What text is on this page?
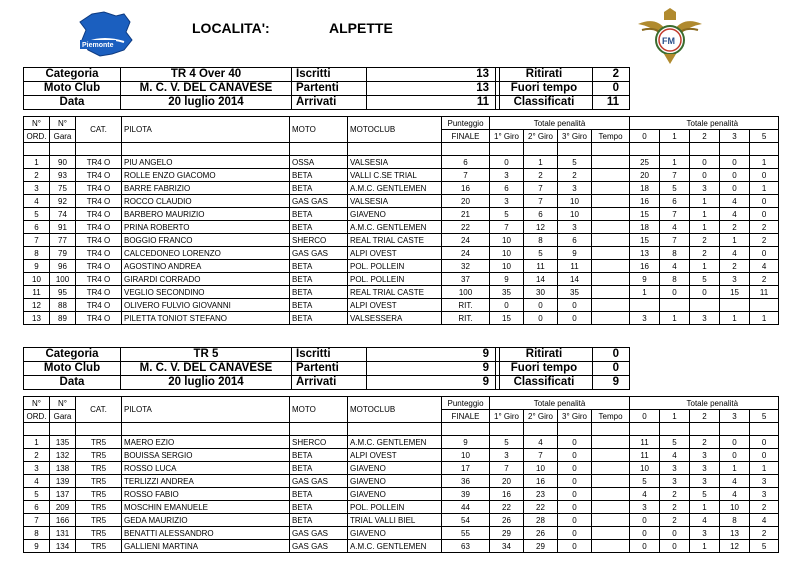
Piemonte	FM
LOCALITA':	ALPETTE
Categoria	TR 4 Over 40	Iscritti	13
Moto Club	M. C. V. DEL CANAVESE	Partenti	13
Data	20 luglio 2014	Arrivati	11
Ritirati	2
Fuori tempo	0
Classificati	11
N°	N°	CAT.	PILOTA	MOTO	MOTOCLUB	Punteggio	Totale penalità				Totale penalità				
ORD.	Gara					FINALE	1° Giro	2° Giro	3° Giro	Tempo	0	1	2	3	5

1	90	TR4 O	PIU ANGELO	OSSA	VALSESIA	6	0	1	5		25	1	0	0	1
2	93	TR4 O	ROLLE ENZO GIACOMO	BETA	VALLI C.SE TRIAL	7	3	2	2		20	7	0	0	0
3	75	TR4 O	BARRE FABRIZIO	BETA	A.M.C. GENTLEMEN	16	6	7	3		18	5	3	0	1
4	92	TR4 O	ROCCO CLAUDIO	GAS GAS	VALSESIA	20	3	7	10		16	6	1	4	0
5	74	TR4 O	BARBERO MAURIZIO	BETA	GIAVENO	21	5	6	10		15	7	1	4	0
6	91	TR4 O	PRINA ROBERTO	BETA	A.M.C. GENTLEMEN	22	7	12	3		18	4	1	2	2
7	77	TR4 O	BOGGIO FRANCO	SHERCO	REAL TRIAL CASTE	24	10	8	6		15	7	2	1	2
8	79	TR4 O	CALCEDONEO LORENZO	GAS GAS	ALPI OVEST	24	10	5	9		13	8	2	4	0
9	96	TR4 O	AGOSTINO ANDREA	BETA	POL. POLLEIN	32	10	11	11		16	4	1	2	4
10	100	TR4 O	GIRARDI CORRADO	BETA	POL. POLLEIN	37	9	14	14		9	8	5	3	2
11	95	TR4 O	VEGLIO SECONDINO	BETA	REAL TRIAL CASTE	100	35	30	35		1	0	0	15	11
12	88	TR4 O	OLIVERO FULVIO GIOVANNI	BETA	ALPI OVEST	RIT.	0	0	0						
13	89	TR4 O	PILETTA TONIOT STEFANO	BETA	VALSESSERA	RIT.	15	0	0		3	1	3	1	1
Categoria	TR 5	Iscritti	9
Moto Club	M. C. V. DEL CANAVESE	Partenti	9
Data	20 luglio 2014	Arrivati	9
Ritirati	0
Fuori tempo	0
Classificati	9
N°	N°	CAT.	PILOTA	MOTO	MOTOCLUB	Punteggio	Totale penalità				Totale penalità				
ORD.	Gara					FINALE	1° Giro	2° Giro	3° Giro	Tempo	0	1	2	3	5

1	135	TR5	MAERO EZIO	SHERCO	A.M.C. GENTLEMEN	9	5	4	0		11	5	2	0	0
2	132	TR5	BOUISSA SERGIO	BETA	ALPI OVEST	10	3	7	0		11	4	3	0	0
3	138	TR5	ROSSO LUCA	BETA	GIAVENO	17	7	10	0		10	3	3	1	1
4	139	TR5	TERLIZZI ANDREA	GAS GAS	GIAVENO	36	20	16	0		5	3	3	4	3
5	137	TR5	ROSSO FABIO	BETA	GIAVENO	39	16	23	0		4	2	5	4	3
6	209	TR5	MOSCHIN EMANUELE	BETA	POL. POLLEIN	44	22	22	0		3	2	1	10	2
7	166	TR5	GEDA MAURIZIO	BETA	TRIAL VALLI BIEL	54	26	28	0		0	2	4	8	4
8	131	TR5	BENATTI ALESSANDRO	GAS GAS	GIAVENO	55	29	26	0		0	0	3	13	2
9	134	TR5	GALLIENI MARTINA	GAS GAS	A.M.C. GENTLEMEN	63	34	29	0		0	0	1	12	5
